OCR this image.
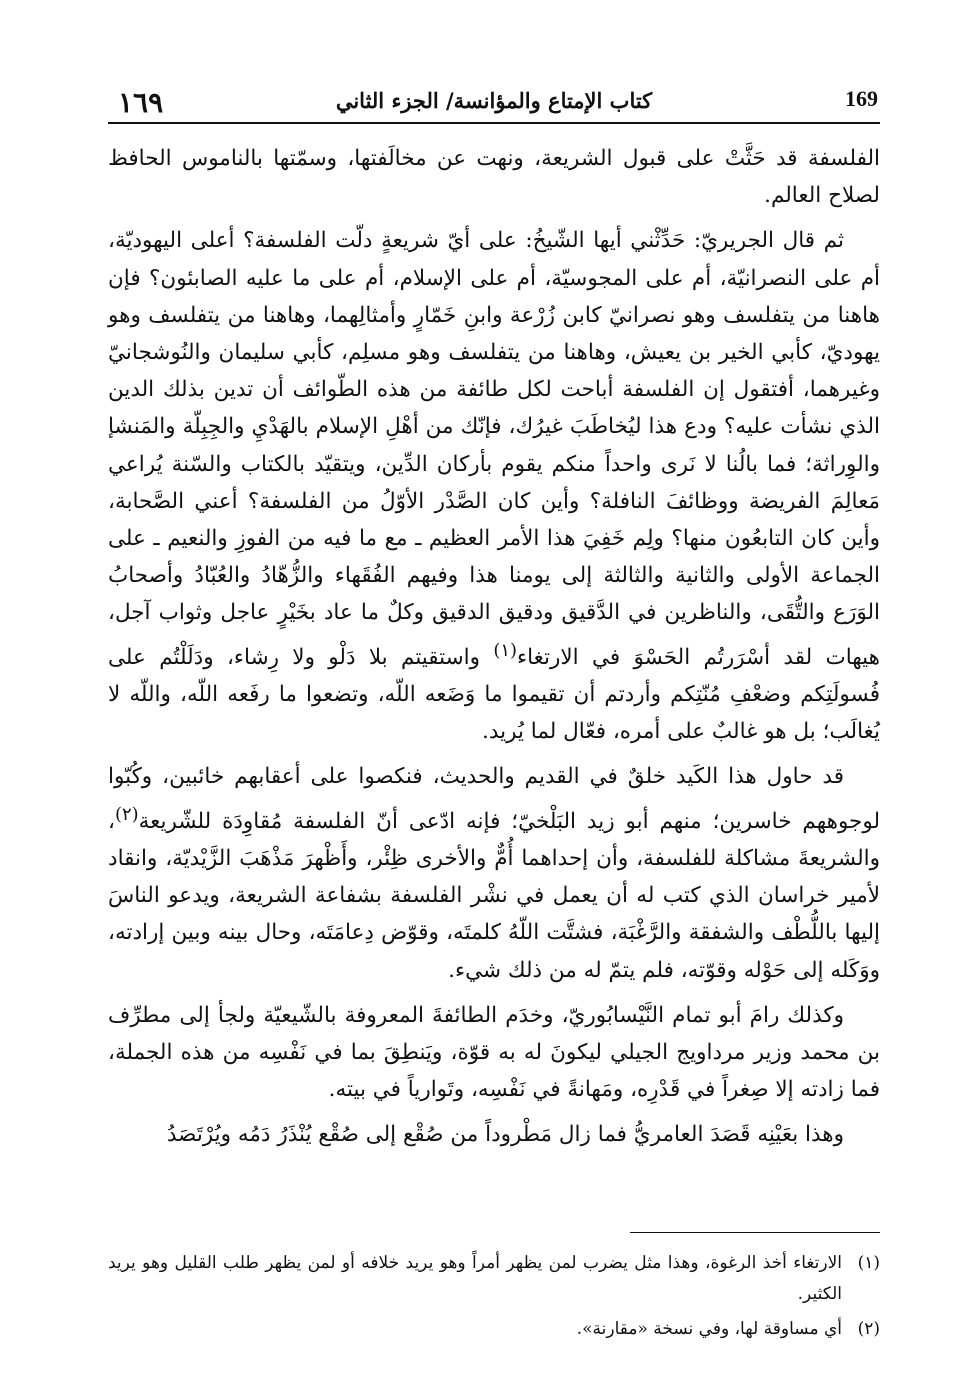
١٦٩	كتاب الإمتاع والمؤانسة/ الجزء الثاني	169

الفلسفة قد حَثَّتْ على قبول الشريعة، ونهت عن مخالَفتها، وسمّتها بالناموس الحافظ لصلاح العالم.

ثم قال الجريريّ: حَدِّثْني أيها الشّيخُ: على أيّ شريعةٍ دلّت الفلسفة؟ أعلى اليهوديّة، أم على النصرانيّة، أم على المجوسيّة، أم على الإسلام، أم على ما عليه الصابئون؟ فإن هاهنا من يتفلسف وهو نصرانيّ كابن زُرْعة وابنِ خَمّارٍ وأمثالِهما، وهاهنا من يتفلسف وهو يهوديّ، كأبي الخير بن يعيش، وهاهنا من يتفلسف وهو مسلِم، كأبي سليمان والنُوشجانيّ وغيرهما، أفتقول إن الفلسفة أباحت لكل طائفة من هذه الطّوائف أن تدين بذلك الدين الذي نشأت عليه؟ ودع هذا ليُخاطَبَ غيرُك، فإنّك من أهْلِ الإسلام بالهَدْيِ والجِبِلّة والمَنشإ والوِراثة؛ فما بالُنا لا نَرى واحداً منكم يقوم بأركان الدِّين، ويتقيّد بالكتاب والسّنة يُراعي مَعالِمَ الفريضة ووظائفَ النافلة؟ وأين كان الصَّدْر الأوّلُ من الفلسفة؟ أعني الصَّحابة، وأين كان التابعُون منها؟ ولِم خَفِيَ هذا الأمر العظيم ـ مع ما فيه من الفوزِ والنعيم ـ على الجماعة الأولى والثانية والثالثة إلى يومنا هذا وفيهم الفُقَهاء والزُّهّادُ والعُبّادُ وأصحابُ الوَرَع والتُّقَى، والناظرين في الدَّقيق ودقيق الدقيق وكلٌ ما عاد بخَيْرٍ عاجل وثواب آجل، هيهات لقد أسْرَرتُم الحَسْوَ في الارتغاء$^{(١)}$ واستقيتم بلا دَلْو ولا رِشاء، ودَلَلْتُم على فُسولَتِكم وضعْفِ مُنّتِكم وأردتم أن تقيموا ما وَضَعه اللّه، وتضعوا ما رفَعه اللّه، واللّه لا يُغالَب؛ بل هو غالبٌ على أمره، فعّال لما يُريد.

قد حاول هذا الكَيد خلقٌ في القديم والحديث، فنكصوا على أعقابهم خائبين، وكُبّوا لوجوههم خاسرين؛ منهم أبو زيد البَلْخيّ؛ فإنه ادّعى أنّ الفلسفة مُقاوِدَة للشّريعة$^{(٢)}$، والشريعةَ مشاكلة للفلسفة، وأن إحداهما أُمٌّ والأخرى ظِئْر، وأَظْهرَ مَذْهَبَ الزَّيْديّة، وانقاد لأمير خراسان الذي كتب له أن يعمل في نشْر الفلسفة بشفاعة الشريعة، ويدعو الناسَ إليها باللُّطْف والشفقة والرَّغْبَة، فشتَّت اللّهُ كلمتَه، وقوّض دِعامَتَه، وحال بينه وبين إرادته، ووَكَله إلى حَوْله وقوّته، فلم يتمّ له من ذلك شيء.

وكذلك رامَ أبو تمام النَّيْسابُوريّ، وخدَم الطائفةَ المعروفة بالشّيعيّة ولجأ إلى مطرِّف بن محمد وزير مرداويج الجيلي ليكونَ له به قوّة، ويَنطِقَ بما في نَفْسِه من هذه الجملة، فما زادته إلا صِغراً في قَدْرِه، ومَهانةً في نَفْسِه، وتَوارياً في بيته.

وهذا بعَيْنِه قَصَدَ العامريُّ فما زال مَطْروداً من صُقْع إلى صُقْع يُنْذَرُ دَمُه ويُرْتَصَدُ

(١)
الارتغاء أخذ الرغوة، وهذا مثل يضرب لمن يظهر أمراً وهو يريد خلافه أو لمن يظهر طلب القليل وهو يريد الكثير.
(٢)
أي مساوقة لها، وفي نسخة «مقارنة».
